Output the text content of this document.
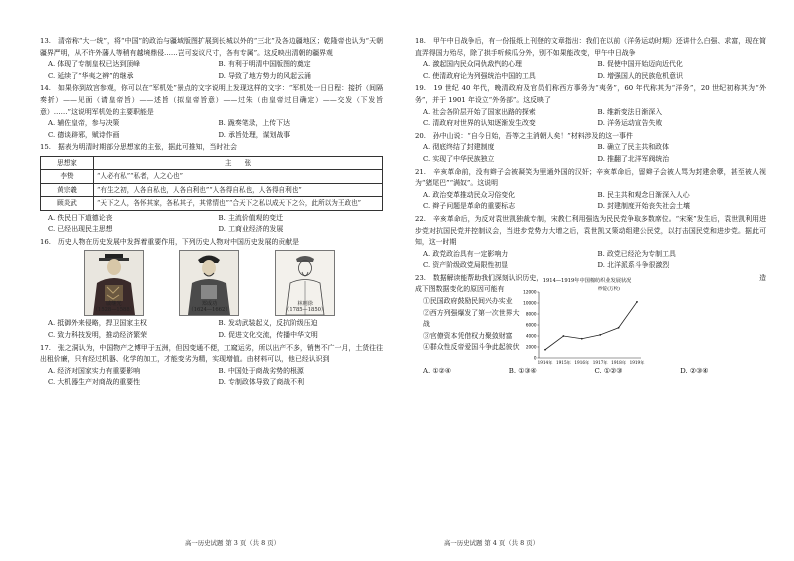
13.　清帝称“大一统”，将“中国”的政治与疆域版图扩展到长城以外的“三北”及各边疆地区；乾隆帝也认为“天朝疆界严明，从不许外藩人等稍有越境鼎侵……岂可妄议尺寸，各有专属”。这反映出清朝的疆界观

A. 体现了专制皇权已达到顶峰	B. 有利于明清中国版图的奠定
C. 延续了“华夷之辨”的继承	D. 导致了地方势力的风起云涌

14.　如果你到故宫参观，你可以在“军机处”景点的文字说明上发现这样的文字：“军机处一日日程：接折（间隔奏折）——见面（请皇帝旨）——述旨（拟皇帝旨意）——过朱（由皇帝过目确定）——交发（下发旨意）……”这说明军机处的主要职能是

A. 辅佐皇帝，参与决策	B. 跪奏笔录，上传下达
C. 德谈辟邪，赋诗作画	D. 承旨处理，谋划战事

15.　据表为明清时期部分思想家的主张，据此可推知，当时社会

思想家	主　　张
李贽	“人必有私”“私者，人之心也”
黄宗羲	“有生之初，人各自私也，人各自利也”“人各得自私也，人各得自利也”
顾炎武	“天下之人，各怀其家，各私其子，其常情也”“合天下之私以成天下之公，此所以为王政也”
A. 佚民日下道德论丧	B. 主流价值观的变迁
C. 已经出现民主思想	D. 工商业经济的发展

16.　历史人物在历史发展中发挥着重要作用，下列历史人物对中国历史发展的贡献是

戚继光
（1528—1588）
郑成功
（1624—1662）
林则徐
（1785—1850）
A. 抵御外来侵略，捍卫国家主权	B. 发动武装起义，反抗阶级压迫
C. 致力科技发明，推动经济繁荣	D. 促进文化交流，传播中华文明

17.　张之洞认为，中国物产之博甲于五洲，但因变通不便，工窳运劣，所以出产不多，销售不广一月，土货往往出租价廉，只有经过机器、化学的加工，才能变劣为精，实现增值。由材料可以，他已经认识到

A. 经济对国家实力有重要影响	B. 中国处于商战劣势的根源
C. 大机器生产对商战的重要性	D. 专制政体导致了商战不利
高一历史试题 第 3 页（共 8 页）

18.　甲午中日战争后，有一份报纸上刊登的文章指出：我们在以前（洋务运动时期）还讲什么白强、求富，现在简直弄得国力殆尽，除了拱手听候瓜分外，别不如果能改变，甲午中日战争

A. 激起国内民众同仇敌忾的心理	B. 促使中国开始迈向近代化
C. 使清政府论为列强统治中国的工具	D. 增强国人的民族危机意识

19.　19 世纪 40 年代，晚清政府及官员们称西方事务为“夷务”，60 年代称其为“洋务”，20 世纪初称其为“外务”，并于 1901 年设立“外务部”。这反映了

A. 社会各阶层开始了国家出路的探索	B. 维新变法日渐深入
C. 清政府对世界的认知逐渐发生改变	D. 洋务运动宣告失败

20.　孙中山说：“自今日始，吾等之主消朝人矣！”材料涉及的这一事件

A. 彻底终结了封建制度	B. 确立了民主共和政体
C. 实现了中华民族独立	D. 推翻了北洋军阀统治

21.　辛亥革命前，没有辫子会被凝笑为里通外国的汉奸；辛亥革命后，留辫子会被人骂为封建余孽，甚至被人视为“猪尾巴”“满奴”。这说明

A. 政治变革推动民众习俗变化	B. 民主共和观念日渐深入人心
C. 辫子问题是革命的重要标志	D. 封建制度开始丧失社会土壤

22.　辛亥革命后，为反对袁世凯独裁专制，宋教仁利用强选为民民党争取多数席位。“宋案”发生后，袁世凯利用进步党对抗国民党并控制议会，当进步党势力大增之后，袁世凯又策动组建公民党，以打击国民党和进步党。据此可知，这一时期

A. 政党政治具有一定影响力	B. 政党已经沦为专制工具
C. 资产阶级政党局限性初显	D. 北洋派系斗争很激烈

23.　数据解读能帮助我们深刻认识历史，	造

成下图数据变化的原因可能有
①民国政府鼓励民间兴办实业
②西方列强爆发了第一次世界大战
③官僚资本凭借权力聚敛财富
④群众性反帝爱国斗争此起彼伏
1914—1919年中国棉纺织业发展状况
纱锭(万枚)
0
2000
4000
6000
8000
10000
12000
1914年 1915年 1916年 1917年 1918年 1919年
A. ①②④	B. ①③④	C. ①②③	D. ②③④
高一历史试题 第 4 页（共 8 页）
